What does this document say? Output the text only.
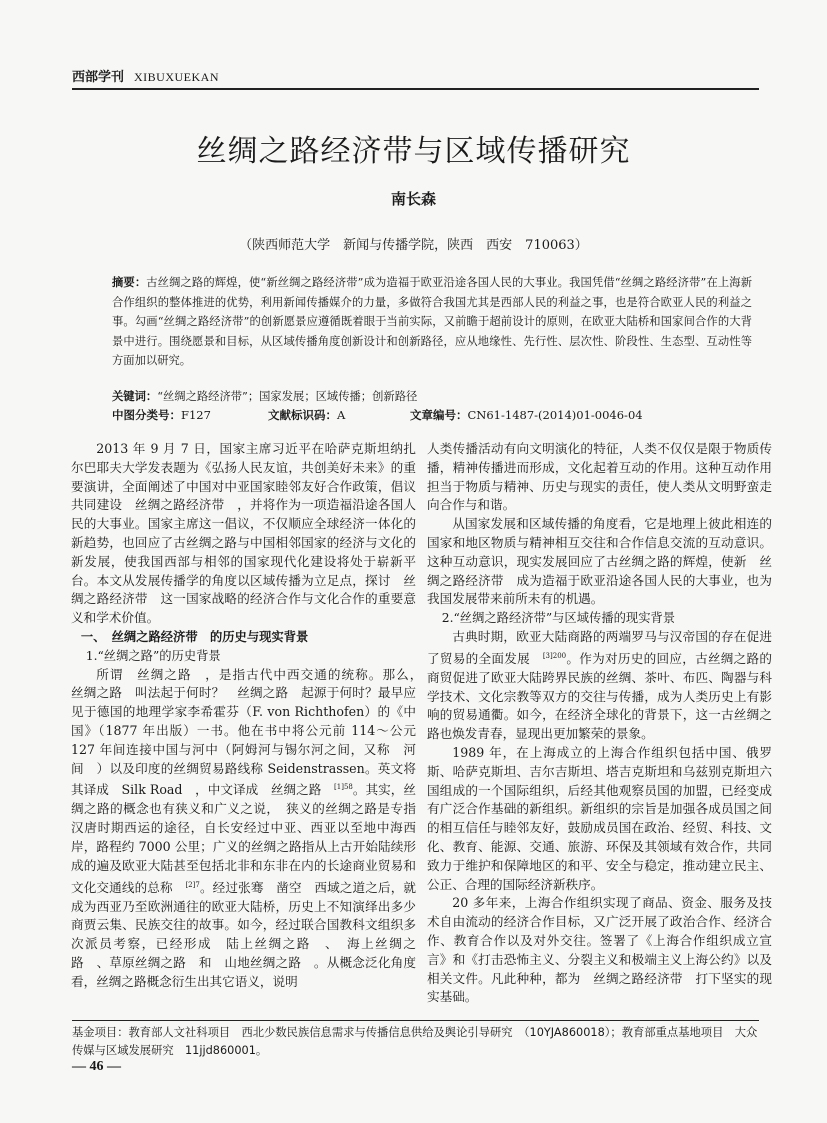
西部学刊 XIBUXUEKAN
丝绸之路经济带与区域传播研究
南长森
（陕西师范大学　新闻与传播学院，陕西　西安　710063）
摘要：古丝绸之路的辉煌，使“新丝绸之路经济带”成为造福于欧亚沿途各国人民的大事业。我国凭借“丝绸之路经济带”在上海新合作组织的整体推进的优势，利用新闻传播媒介的力量，多做符合我国尤其是西部人民的利益之事，也是符合欧亚人民的利益之事。勾画“丝绸之路经济带”的创新愿景应遵循既着眼于当前实际，又前瞻于超前设计的原则，在欧亚大陆桥和国家间合作的大背景中进行。围绕愿景和目标，从区域传播角度创新设计和创新路径，应从地缘性、先行性、层次性、阶段性、生态型、互动性等方面加以研究。
关键词：“丝绸之路经济带”；国家发展；区域传播；创新路径
中图分类号：F127	文献标识码：A	文章编号：CN61-1487-(2014)01-0046-04

2013 年 9 月 7 日，国家主席习近平在哈萨克斯坦纳扎尔巴耶夫大学发表题为《弘扬人民友谊，共创美好未来》的重要演讲，全面阐述了中国对中亚国家睦邻友好合作政策，倡议共同建设　丝绸之路经济带　，并将作为一项造福沿途各国人民的大事业。国家主席这一倡议，不仅顺应全球经济一体化的新趋势，也回应了古丝绸之路与中国相邻国家的经济与文化的新发展，使我国西部与相邻的国家现代化建设将处于崭新平台。本文从发展传播学的角度以区域传播为立足点，探讨　丝绸之路经济带　这一国家战略的经济合作与文化合作的重要意义和学术价值。

一、　丝绸之路经济带　的历史与现实背景

1.“丝绸之路”的历史背景

所谓　丝绸之路　，是指古代中西交通的统称。那么，　丝绸之路　叫法起于何时？　丝绸之路　起源于何时？最早应见于德国的地理学家李希霍芬（F. von Richthofen）的《中国》（1877 年出版）一书。他在书中将公元前 114～公元 127 年间连接中国与河中（阿姆河与锡尔河之间，又称　河间　）以及印度的丝绸贸易路线称 Seidenstrassen。英文将其译成　Silk Road　，中文译成　丝绸之路　$^{[1]58}$。其实，丝绸之路的概念也有狭义和广义之说，　狭义的丝绸之路是专指汉唐时期西运的途径，自长安经过中亚、西亚以至地中海西岸，路程约 7000 公里；广义的丝绸之路指从上古开始陆续形成的遍及欧亚大陆甚至包括北非和东非在内的长途商业贸易和文化交通线的总称　$^{[2]7}$。经过张骞　凿空　西域之道之后，就成为西亚乃至欧洲通往的欧亚大陆桥，历史上不知演绎出多少商贾云集、民族交往的故事。如今，经过联合国教科文组织多次派员考察，已经形成　陆上丝绸之路　、　海上丝绸之路　、草原丝绸之路　和　山地丝绸之路　。从概念泛化角度看，丝绸之路概念衍生出其它语义，说明

人类传播活动有向文明演化的特征，人类不仅仅是限于物质传播，精神传播进而形成，文化起着互动的作用。这种互动作用担当于物质与精神、历史与现实的责任，使人类从文明野蛮走向合作与和谐。

从国家发展和区域传播的角度看，它是地理上彼此相连的国家和地区物质与精神相互交往和合作信息交流的互动意识。这种互动意识，现实发展回应了古丝绸之路的辉煌，使新　丝绸之路经济带　成为造福于欧亚沿途各国人民的大事业，也为我国发展带来前所未有的机遇。

2.“丝绸之路经济带”与区域传播的现实背景

古典时期，欧亚大陆商路的两端罗马与汉帝国的存在促进了贸易的全面发展　$^{[3]200}$。作为对历史的回应，古丝绸之路的商贸促进了欧亚大陆跨界民族的丝绸、茶叶、布匹、陶器与科学技术、文化宗教等双方的交往与传播，成为人类历史上有影响的贸易通衢。如今，在经济全球化的背景下，这一古丝绸之路也焕发青春，显现出更加繁荣的景象。

1989 年，在上海成立的上海合作组织包括中国、俄罗斯、哈萨克斯坦、吉尔吉斯坦、塔吉克斯坦和乌兹别克斯坦六国组成的一个国际组织，后经其他观察员国的加盟，已经变成有广泛合作基础的新组织。新组织的宗旨是加强各成员国之间的相互信任与睦邻友好，鼓励成员国在政治、经贸、科技、文化、教育、能源、交通、旅游、环保及其领域有效合作，共同致力于维护和保障地区的和平、安全与稳定，推动建立民主、公正、合理的国际经济新秩序。

20 多年来，上海合作组织实现了商品、资金、服务及技术自由流动的经济合作目标，又广泛开展了政治合作、经济合作、教育合作以及对外交往。签署了《上海合作组织成立宣言》和《打击恐怖主义、分裂主义和极端主义上海公约》以及相关文件。凡此种种，都为　丝绸之路经济带　打下坚实的现实基础。

基金项目：教育部人文社科项目　西北少数民族信息需求与传播信息供给及舆论引导研究　（10YJA860018）；教育部重点基地项目　大众传媒与区域发展研究　11jjd860001。
— 46 —
